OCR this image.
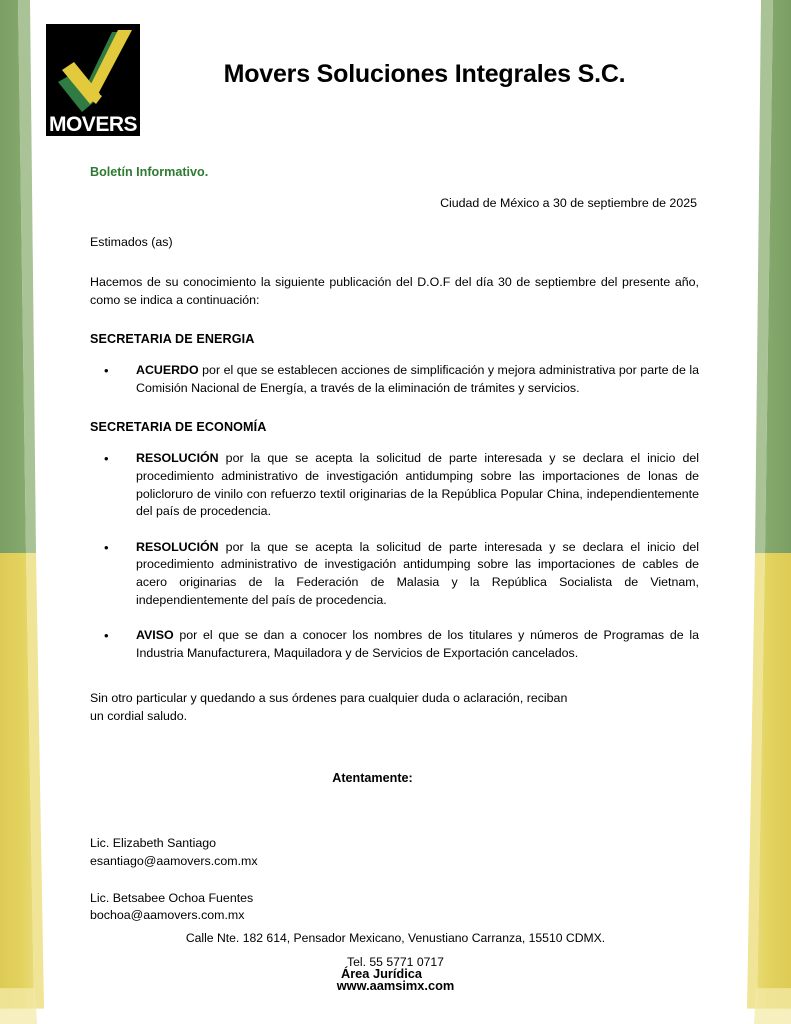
MOVERS
Movers Soluciones Integrales S.C.
Boletín Informativo.
Ciudad de México a 30 de septiembre de 2025
Estimados (as)
Hacemos de su conocimiento la siguiente publicación del D.O.F del día 30 de septiembre del presente año, como se indica a continuación:
SECRETARIA DE ENERGIA
•	ACUERDO por el que se establecen acciones de simplificación y mejora administrativa por parte de la Comisión Nacional de Energía, a través de la eliminación de trámites y servicios.
SECRETARIA DE ECONOMÍA
•	RESOLUCIÓN por la que se acepta la solicitud de parte interesada y se declara el inicio del procedimiento administrativo de investigación antidumping sobre las importaciones de lonas de policloruro de vinilo con refuerzo textil originarias de la República Popular China, independientemente del país de procedencia.
•	RESOLUCIÓN por la que se acepta la solicitud de parte interesada y se declara el inicio del procedimiento administrativo de investigación antidumping sobre las importaciones de cables de acero originarias de la Federación de Malasia y la República Socialista de Vietnam, independientemente del país de procedencia.
•	AVISO por el que se dan a conocer los nombres de los titulares y números de Programas de la Industria Manufacturera, Maquiladora y de Servicios de Exportación cancelados.
Sin otro particular y quedando a sus órdenes para cualquier duda o aclaración, reciban
un cordial saludo.
Atentamente:
Lic. Elizabeth Santiago
esantiago@aamovers.com.mx
Lic. Betsabee Ochoa Fuentes
bochoa@aamovers.com.mx
Área Jurídica
Calle Nte. 182 614, Pensador Mexicano, Venustiano Carranza, 15510 CDMX.
Tel. 55 5771 0717
www.aamsimx.com
